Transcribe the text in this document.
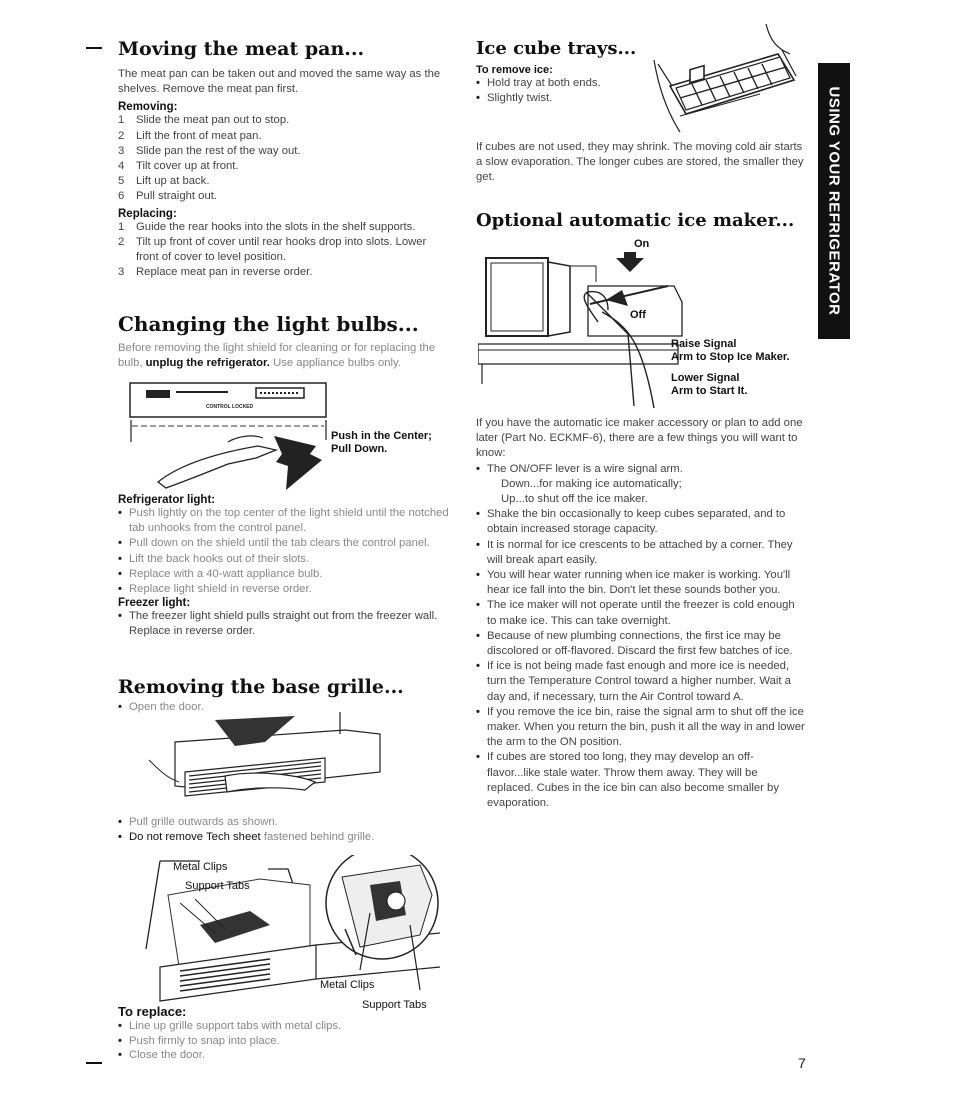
Moving the meat pan...
The meat pan can be taken out and moved the same way as the shelves. Remove the meat pan first.
Removing:
1 Slide the meat pan out to stop.
2 Lift the front of meat pan.
3 Slide pan the rest of the way out.
4 Tilt cover up at front.
5 Lift up at back.
6 Pull straight out.
Replacing:
1 Guide the rear hooks into the slots in the shelf supports.
2 Tilt up front of cover until rear hooks drop into slots. Lower front of cover to level position.
3 Replace meat pan in reverse order.
Changing the light bulbs...
Before removing the light shield for cleaning or for replacing the bulb, unplug the refrigerator. Use appliance bulbs only.
CONTROL LOCKED
Push in the Center; Pull Down.
Refrigerator light:
• Push lightly on the top center of the light shield until the notched tab unhooks from the control panel.
• Pull down on the shield until the tab clears the control panel.
• Lift the back hooks out of their slots.
• Replace with a 40-watt appliance bulb.
• Replace light shield in reverse order.
Freezer light:
• The freezer light shield pulls straight out from the freezer wall. Replace in reverse order.
Removing the base grille...
• Open the door.
• Pull grille outwards as shown.
• Do not remove Tech sheet fastened behind grille.
Metal Clips
Support Tabs
Metal Clips
Support Tabs
To replace:
• Line up grille support tabs with metal clips.
• Push firmly to snap into place.
• Close the door.
Ice cube trays...
To remove ice:
• Hold tray at both ends.
• Slightly twist.
If cubes are not used, they may shrink. The moving cold air starts a slow evaporation. The longer cubes are stored, the smaller they get.
Optional automatic ice maker...
On
Off
Raise Signal
Arm to Stop Ice Maker.
Lower Signal
Arm to Start It.
If you have the automatic ice maker accessory or plan to add one later (Part No. ECKMF-6), there are a few things you will want to know:
• The ON/OFF lever is a wire signal arm.
Down...for making ice automatically;
Up...to shut off the ice maker.
• Shake the bin occasionally to keep cubes separated, and to obtain increased storage capacity.
• It is normal for ice crescents to be attached by a corner. They will break apart easily.
• You will hear water running when ice maker is working. You'll hear ice fall into the bin. Don't let these sounds bother you.
• The ice maker will not operate until the freezer is cold enough to make ice. This can take overnight.
• Because of new plumbing connections, the first ice may be discolored or off-flavored. Discard the first few batches of ice.
• If ice is not being made fast enough and more ice is needed, turn the Temperature Control toward a higher number. Wait a day and, if necessary, turn the Air Control toward A.
• If you remove the ice bin, raise the signal arm to shut off the ice maker. When you return the bin, push it all the way in and lower the arm to the ON position.
• If cubes are stored too long, they may develop an off-flavor...like stale water. Throw them away. They will be replaced. Cubes in the ice bin can also become smaller by evaporation.
USING YOUR REFRIGERATOR
7
